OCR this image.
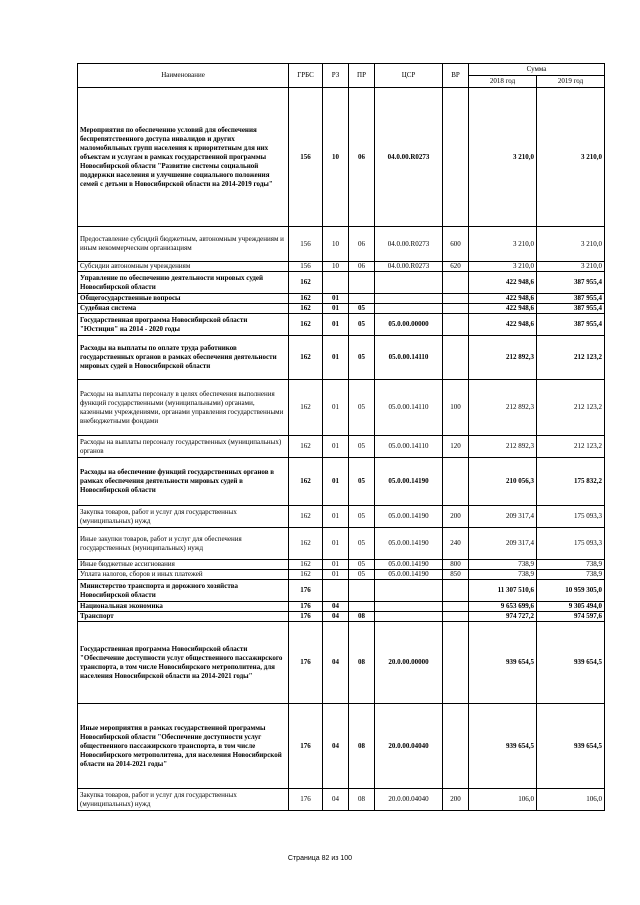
Наименование	ГРБС	РЗ	ПР	ЦСР	ВР	Сумма	
						2018 год	2019 год
Мероприятия по обеспечению условий для обеспечения беспрепятственного доступа инвалидов и других маломобильных групп населения к приоритетным для них объектам и услугам в рамках государственной программы Новосибирской области "Развитие системы социальной поддержки населения и улучшение социального положения семей с детьми в Новосибирской области на 2014-2019 годы"	156	10	06	04.0.00.R0273		3 210,0	3 210,0
Предоставление субсидий бюджетным, автономным учреждениям и иным некоммерческим организациям	156	10	06	04.0.00.R0273	600	3 210,0	3 210,0
Субсидии автономным учреждениям	156	10	06	04.0.00.R0273	620	3 210,0	3 210,0
Управление по обеспечению деятельности мировых судей Новосибирской области	162					422 948,6	387 955,4
Общегосударственные вопросы	162	01				422 948,6	387 955,4
Судебная система	162	01	05			422 948,6	387 955,4
Государственная программа Новосибирской области "Юстиция" на 2014 - 2020 годы	162	01	05	05.0.00.00000		422 948,6	387 955,4
Расходы на выплаты по оплате труда работников государственных органов в рамках обеспечения деятельности мировых судей в Новосибирской области	162	01	05	05.0.00.14110		212 892,3	212 123,2
Расходы на выплаты персоналу в целях обеспечения выполнения функций государственными (муниципальными) органами, казенными учреждениями, органами управления государственными внебюджетными фондами	162	01	05	05.0.00.14110	100	212 892,3	212 123,2
Расходы на выплаты персоналу государственных (муниципальных) органов	162	01	05	05.0.00.14110	120	212 892,3	212 123,2
Расходы на обеспечение функций государственных органов в рамках обеспечения деятельности мировых судей в Новосибирской области	162	01	05	05.0.00.14190		210 056,3	175 832,2
Закупка товаров, работ и услуг для государственных (муниципальных) нужд	162	01	05	05.0.00.14190	200	209 317,4	175 093,3
Иные закупки товаров, работ и услуг для обеспечения государственных (муниципальных) нужд	162	01	05	05.0.00.14190	240	209 317,4	175 093,3
Иные бюджетные ассигнования	162	01	05	05.0.00.14190	800	738,9	738,9
Уплата налогов, сборов и иных платежей	162	01	05	05.0.00.14190	850	738,9	738,9
Министерство транспорта и дорожного хозяйства Новосибирской области	176					11 307 510,6	10 959 305,0
Национальная экономика	176	04				9 653 699,6	9 305 494,0
Транспорт	176	04	08			974 727,2	974 597,6
Государственная программа Новосибирской области "Обеспечение доступности услуг общественного пассажирского транспорта, в том числе Новосибирского метрополитена, для населения Новосибирской области на 2014-2021 годы"	176	04	08	20.0.00.00000		939 654,5	939 654,5
Иные мероприятия в рамках государственной программы Новосибирской области "Обеспечение доступности услуг общественного пассажирского транспорта, в том числе Новосибирского метрополитена, для населения Новосибирской области на 2014-2021 годы"	176	04	08	20.0.00.04040		939 654,5	939 654,5
Закупка товаров, работ и услуг для государственных (муниципальных) нужд	176	04	08	20.0.00.04040	200	106,0	106,0
Страница 82 из 100
